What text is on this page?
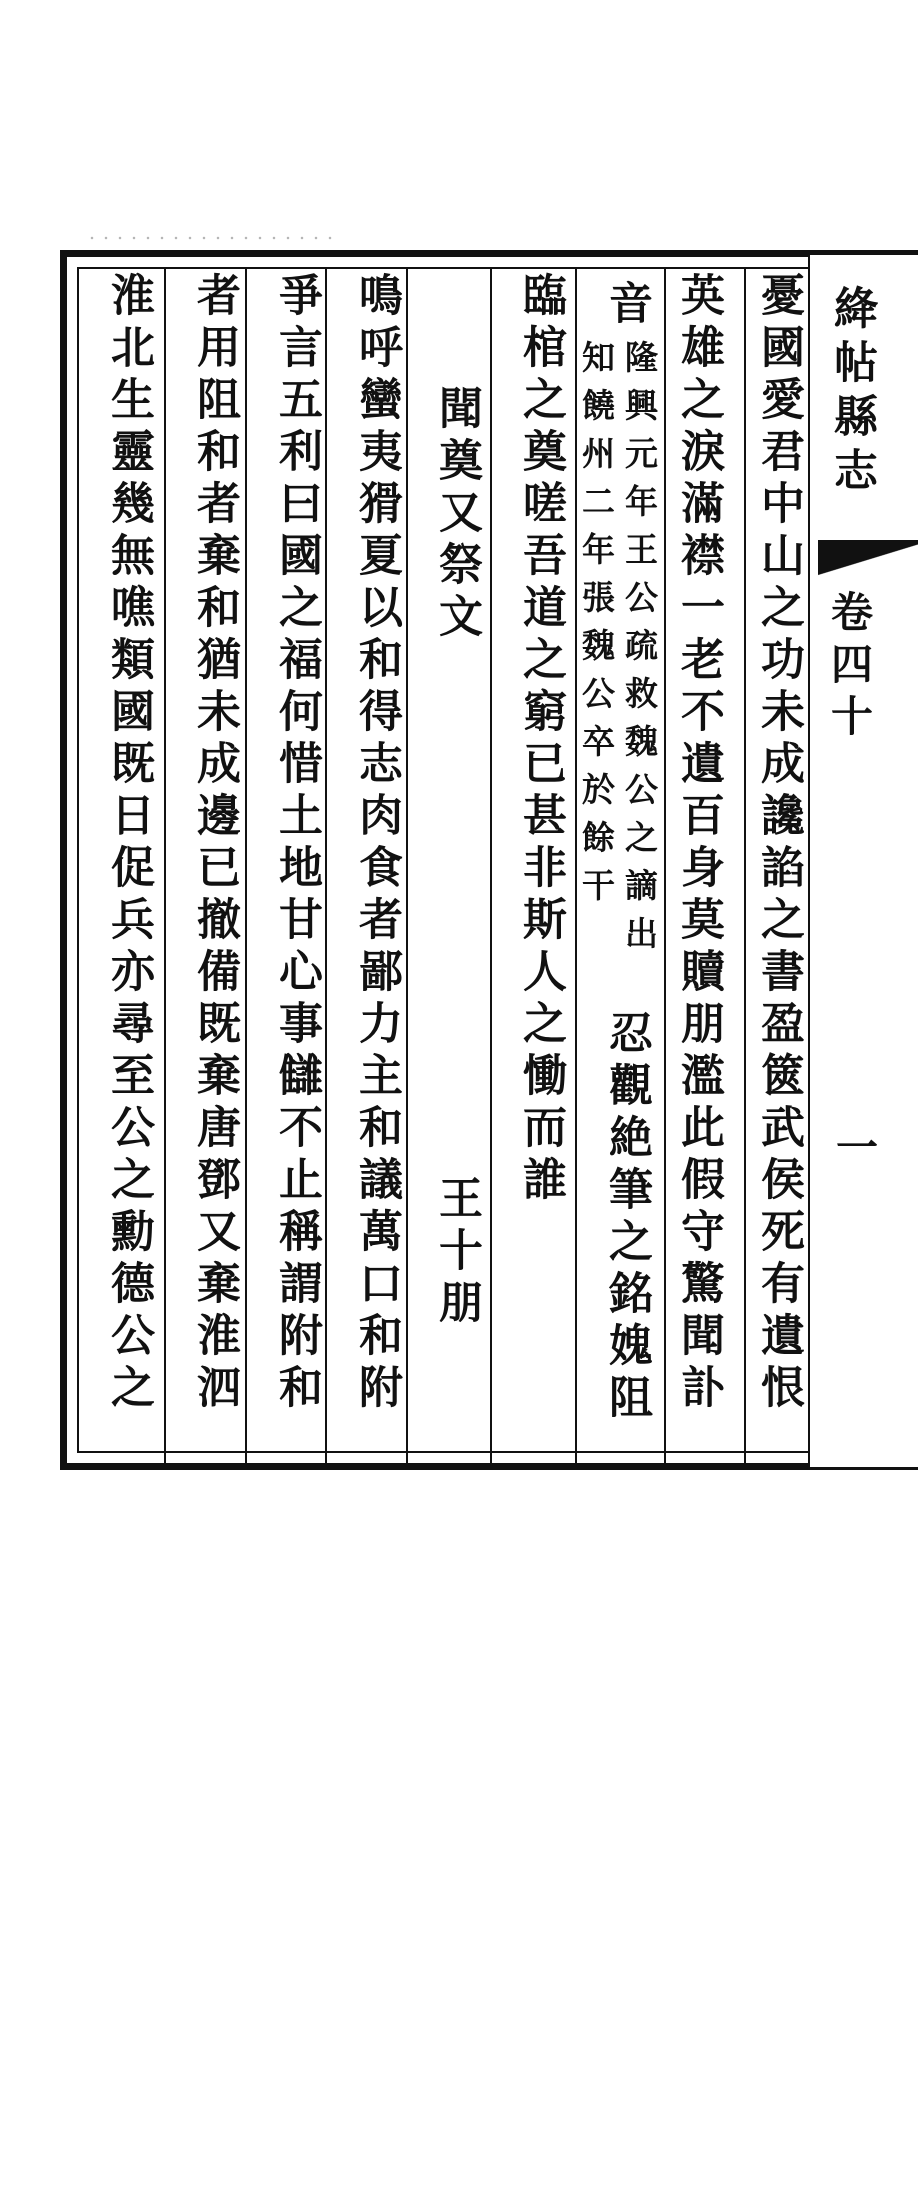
絳帖縣志
卷四十
一
憂國愛君中山之功未成讒諂之書盈篋武侯死有遺恨
英雄之淚滿襟一老不遺百身莫贖朋濫此假守驚聞訃
音
隆興元年王公疏救魏公之謫出
知饒州二年張魏公卒於餘干
忍觀絶筆之銘媿阻
臨棺之奠嗟吾道之窮已甚非斯人之慟而誰
聞奠又祭文
王十朋
鳴呼蠻夷猾夏以和得志肉食者鄙力主和議萬口和附
爭言五利曰國之福何惜土地甘心事讎不止稱謂附和
者用阻和者棄和猶未成邊已撤備既棄唐鄧又棄淮泗
淮北生靈幾無噍類國既日促兵亦尋至公之勳德公之
